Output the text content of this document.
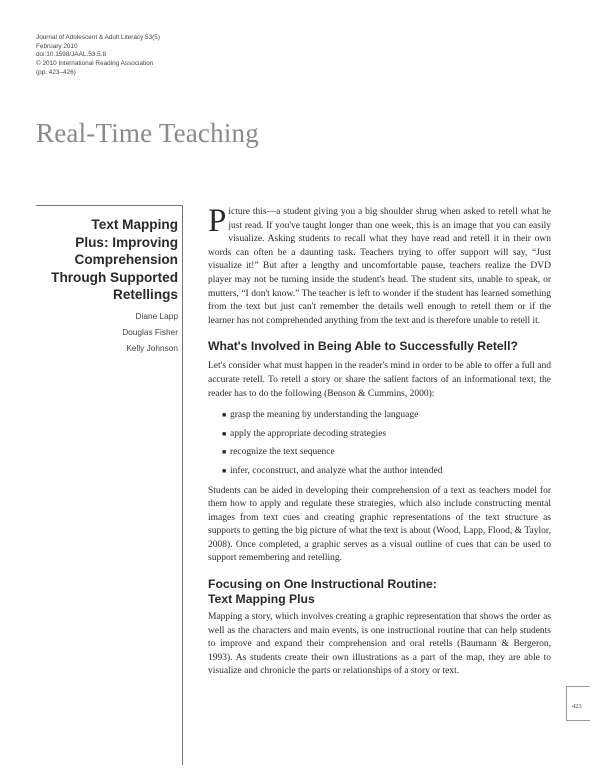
Journal of Adolescent & Adult Literacy 53(5)
February 2010
doi:10.1598/JAAL.53.5.8
© 2010 International Reading Association
(pp. 423–426)
Real-Time Teaching
Text Mapping
Plus: Improving
Comprehension
Through Supported
Retellings
Diane Lapp
Douglas Fisher
Kelly Johnson

Picture this—a student giving you a big shoulder shrug when asked to retell what he just read. If you've taught longer than one week, this is an image that you can easily visualize. Asking students to recall what they have read and retell it in their own words can often be a daunting task. Teachers trying to offer support will say, “Just visualize it!” But after a lengthy and uncomfortable pause, teachers realize the DVD player may not be turning inside the student's head. The student sits, unable to speak, or mutters, “I don't know.” The teacher is left to wonder if the student has learned something from the text but just can't remember the details well enough to retell them or if the learner has not comprehended anything from the text and is therefore unable to retell it.

What's Involved in Being Able to Successfully Retell?

Let's consider what must happen in the reader's mind in order to be able to offer a full and accurate retell. To retell a story or share the salient factors of an informational text, the reader has to do the following (Benson & Cummins, 2000):

■ grasp the meaning by understanding the language
■ apply the appropriate decoding strategies
■ recognize the text sequence
■ infer, coconstruct, and analyze what the author intended

Students can be aided in developing their comprehension of a text as teachers model for them how to apply and regulate these strategies, which also include constructing mental images from text cues and creating graphic representations of the text structure as supports to getting the big picture of what the text is about (Wood, Lapp, Flood, & Taylor, 2008). Once completed, a graphic serves as a visual outline of cues that can be used to support remembering and retelling.

Focusing on One Instructional Routine:
Text Mapping Plus

Mapping a story, which involves creating a graphic representation that shows the order as well as the characters and main events, is one instructional routine that can help students to improve and expand their comprehension and oral retells (Baumann & Bergeron, 1993). As students create their own illustrations as a part of the map, they are able to visualize and chronicle the parts or relationships of a story or text.

423
